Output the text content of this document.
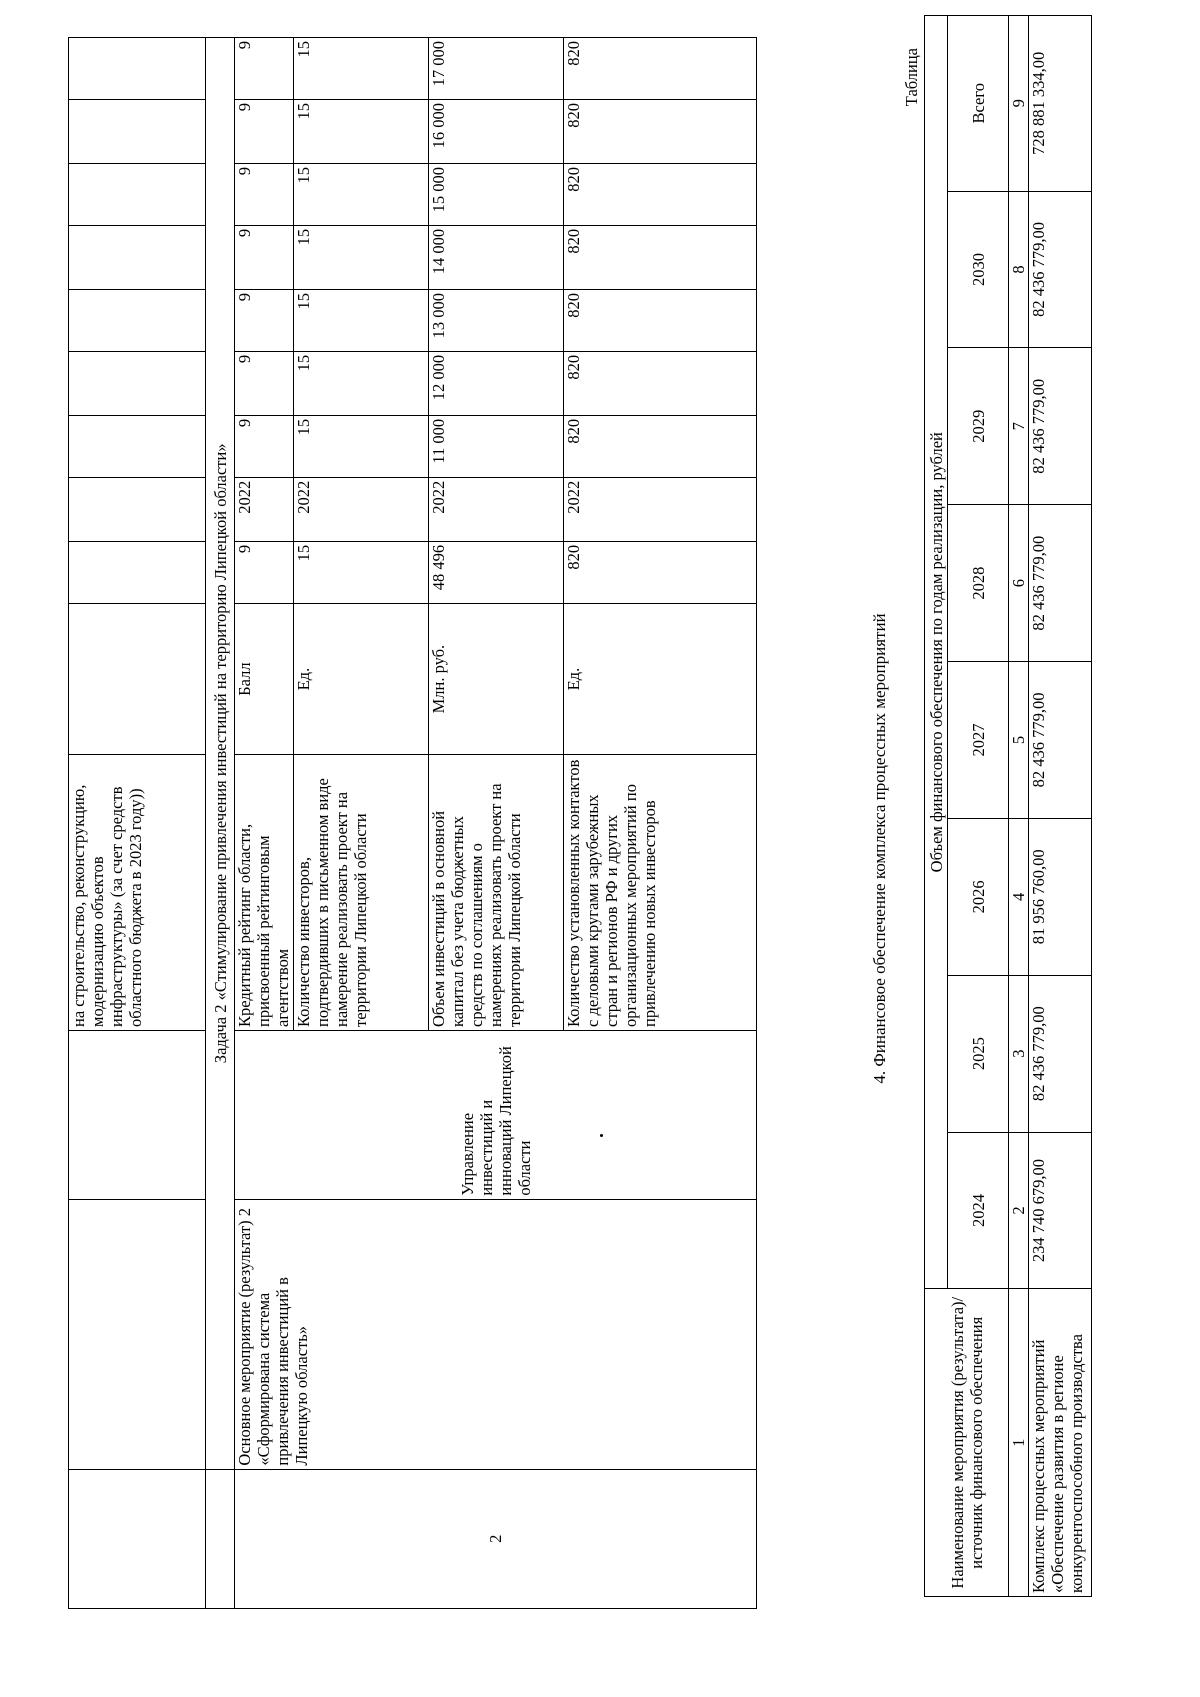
			на строительство, реконструкцию, модернизацию объектов инфраструктуры» (за счет средств областного бюджета в 2023 году))										
	Задача 2 «Стимулирование привлечения инвестиций на территорию Липецкой области»												
2	Основное мероприятие (результат) 2 «Сформирована система привлечения инвестиций в Липецкую область»	Управление инвестиций и инноваций Липецкой области	Кредитный рейтинг области, присвоенный рейтинговым агентством	Балл	9	2022	9	9	9	9	9	9	9
			Количество инвесторов, подтвердивших в письменном виде намерение реализовать проект на территории Липецкой области	Ед.	15	2022	15	15	15	15	15	15	15
			Объем инвестиций в основной капитал без учета бюджетных средств по соглашениям о намерениях реализовать проект на территории Липецкой области	Млн. руб.	48 496	2022	11 000	12 000	13 000	14 000	15 000	16 000	17 000
			Количество установленных контактов с деловыми кругами зарубежных стран и регионов РФ и других организационных мероприятий по привлечению новых инвесторов	Ед.	820	2022	820	820	820	820	820	820	820
4. Финансовое обеспечение комплекса процессных мероприятий
Таблица
Наименование мероприятия (результата)/источник финансового обеспечения	Объем финансового обеспечения по годам реализации, рублей							
	2024	2025	2026	2027	2028	2029	2030	Всего
1	2	3	4	5	6	7	8	9
Комплекс процессных мероприятий «Обеспечение развития в регионе конкурентоспособного производства	234 740 679,00	82 436 779,00	81 956 760,00	82 436 779,00	82 436 779,00	82 436 779,00	82 436 779,00	728 881 334,00
